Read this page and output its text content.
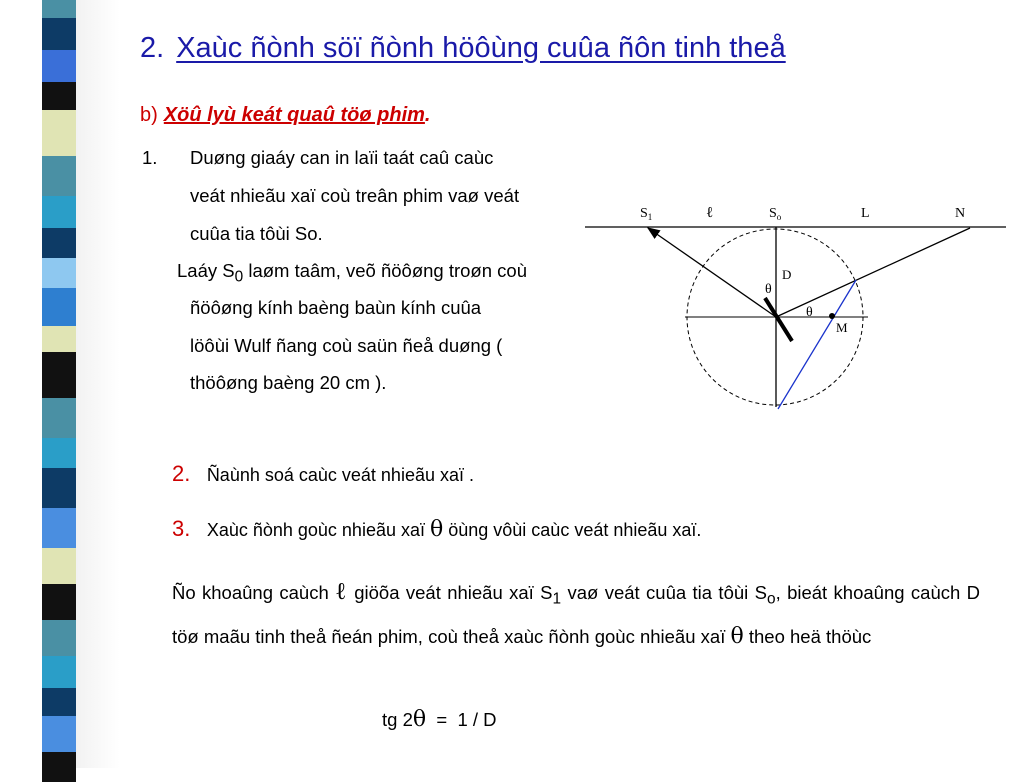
2. Xaùc ñònh söï ñònh höôùng cuûa ñôn tinh theå
b) Xöû lyù keát quaû töø phim.
1. Duøng giaáy can in laïi taát caû caùc
veát nhieãu xaï coù treân phim vaø veát
cuûa tia tôùi So.
Laáy $S_0$ laøm taâm, veõ ñöôøng troøn coù
ñöôøng kính baèng baùn kính cuûa
löôùi Wulf ñang coù saün ñeå duøng (
thöôøng baèng 20 cm ).
$S_1$	ℓ	$S_o$	L	N
D
θ
θ
M
2. Ñaùnh soá caùc veát nhieãu xaï .
3. Xaùc ñònh goùc nhieãu xaï θ öùng vôùi caùc veát nhieãu xaï.
Ño khoaûng caùch ℓ giöõa veát nhieãu xaï $S_1$ vaø veát cuûa tia tôùi $S_o$, bieát khoaûng caùch D töø maãu tinh theå ñeán phim, coù theå xaùc ñònh goùc nhieãu xaï θ theo heä thöùc
tg 2θ  =  1 / D
